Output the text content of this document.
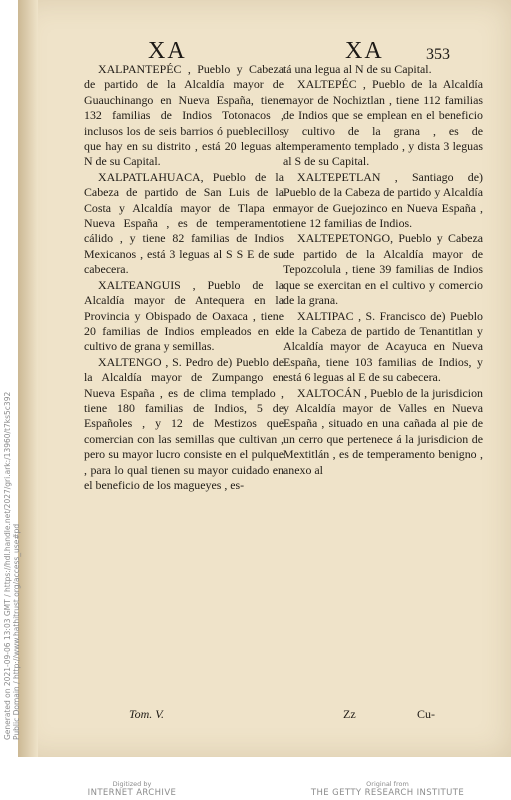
XA	XA	353

XALPANTEPÉC , Pueblo y Cabeza de partido de la Alcaldía mayor de Guauchinango en Nueva España, tiene 132 familias de Indios Totonacos , inclusos los de seis barrios ó pueblecillos que hay en su distrito , está 20 leguas al N de su Capital.

XALPATLAHUACA, Pueblo de la Cabeza de partido de San Luis de la Costa y Alcaldía mayor de Tlapa en Nueva España , es de temperamento cálido , y tiene 82 familias de Indios Mexicanos , está 3 leguas al S S E de su cabecera.

XALTEANGUIS , Pueblo de la Alcaldía mayor de Antequera en la Provincia y Obispado de Oaxaca , tiene 20 familias de Indios empleados en el cultivo de grana y semillas.

XALTENGO , S. Pedro de) Pueblo de la Alcaldía mayor de Zumpango en Nueva España , es de clima templado , tiene 180 familias de Indios, 5 de Españoles , y 12 de Mestizos que comercian con las semillas que cultivan , pero su mayor lucro consiste en el pulque , para lo qual tienen su mayor cuidado en el beneficio de los magueyes , es-

tá una legua al N de su Capital.

XALTEPÉC , Pueblo de la Alcaldía mayor de Nochiztlan , tiene 112 familias de Indios que se emplean en el beneficio y cultivo de la grana , es de temperamento templado , y dista 3 leguas al S de su Capital.

XALTEPETLAN , Santiago de) Pueblo de la Cabeza de partido y Alcaldía mayor de Guejozinco en Nueva España , tiene 12 familias de Indios.

XALTEPETONGO, Pueblo y Cabeza de partido de la Alcaldía mayor de Tepozcolula , tiene 39 familias de Indios que se exercitan en el cultivo y comercio de la grana.

XALTIPAC , S. Francisco de) Pueblo de la Cabeza de partido de Tenantitlan y Alcaldía mayor de Acayuca en Nueva España, tiene 103 familias de Indios, y está 6 leguas al E de su cabecera.

XALTOCÁN , Pueblo de la jurisdicion y Alcaldía mayor de Valles en Nueva España , situado en una cañada al pie de un cerro que pertenece á la jurisdicion de Mextitlán , es de temperamento benigno , anexo al

Tom. V.	Zz	Cu-
Generated on 2021-09-06 13:03 GMT / https://hdl.handle.net/2027/gri.ark:/13960/t7ks5c392 Public Domain / http://www.hathitrust.org/access_use#pd
Digitized by
INTERNET ARCHIVE
Original from
THE GETTY RESEARCH INSTITUTE
